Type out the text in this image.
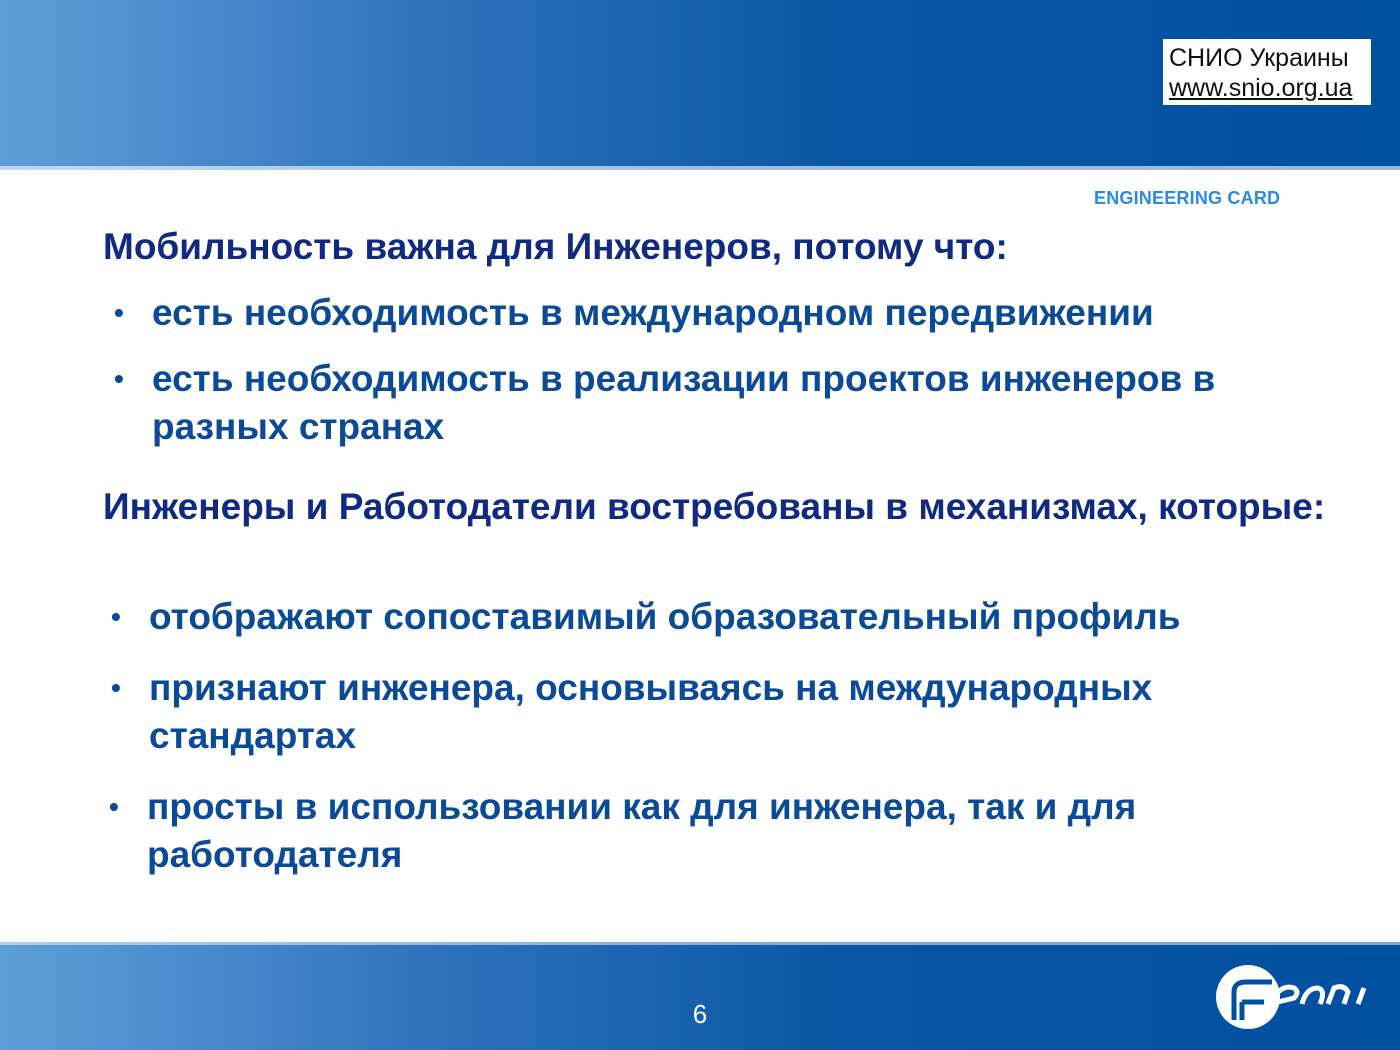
СНИО Украины
www.snio.org.ua
ENGINEERING CARD
Мобильность важна для Инженеров, потому что:
• есть необходимость в международном передвижении
• есть необходимость в реализации проектов инженеров в разных странах
Инженеры и Работодатели востребованы в механизмах, которые:
• отображают сопоставимый образовательный профиль
• признают инженера, основываясь на международных стандартах
• просты в использовании как для инженера, так и для работодателя
6
